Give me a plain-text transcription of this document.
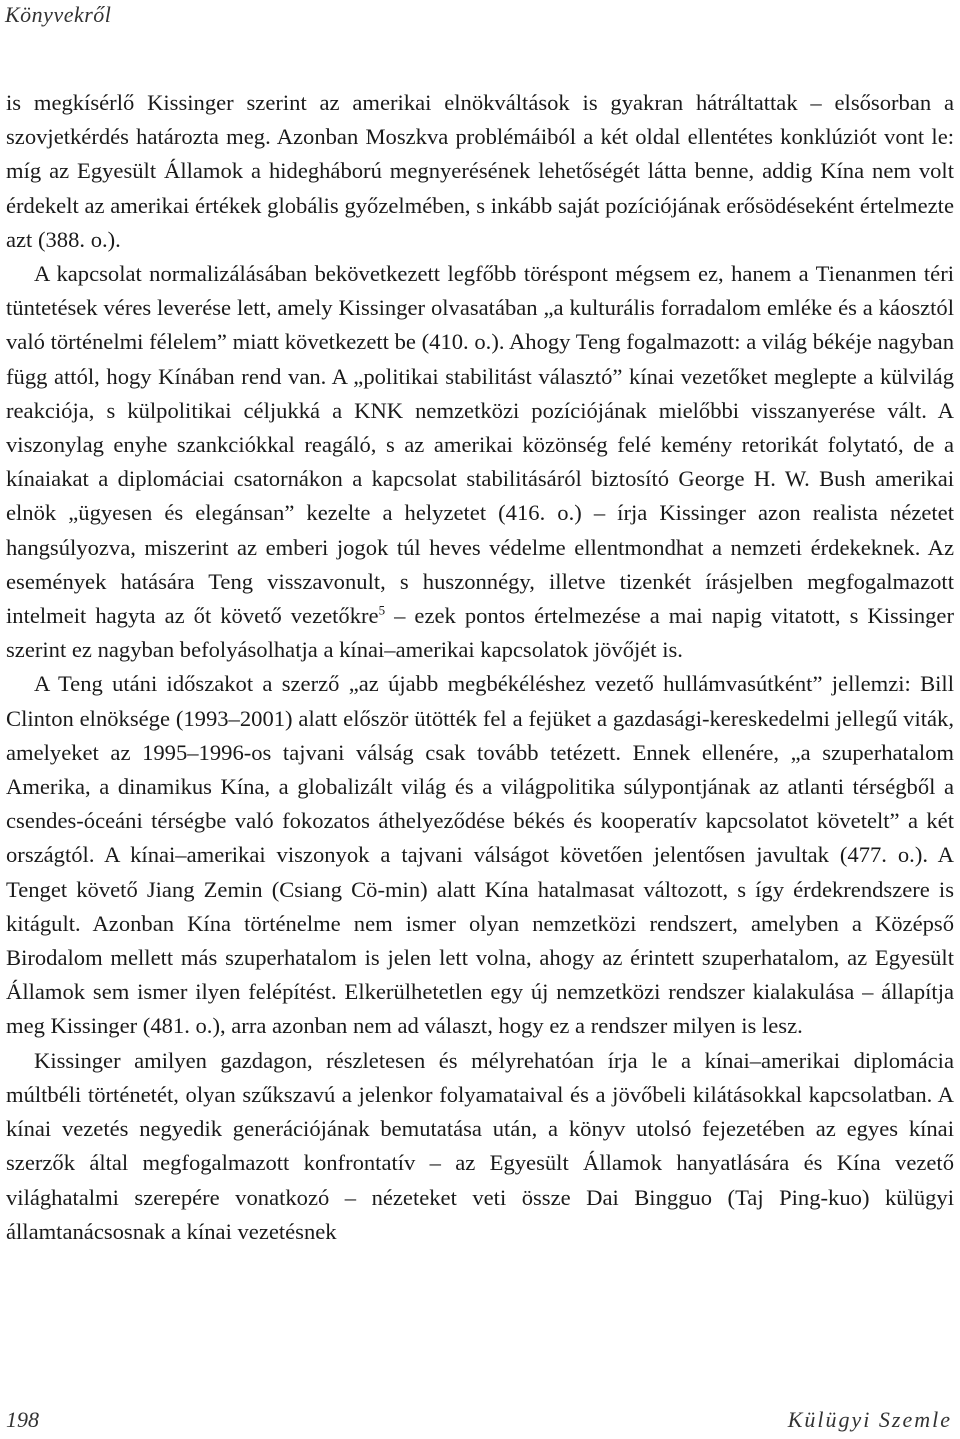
Könyvekről

is megkísérlő Kissinger szerint az amerikai elnökváltások is gyakran hátráltattak – elsősorban a szovjetkérdés határozta meg. Azonban Moszkva problémáiból a két oldal ellentétes konklúziót vont le: míg az Egyesült Államok a hidegháború megnyerésének lehetőségét látta benne, addig Kína nem volt érdekelt az amerikai értékek globális győzelmében, s inkább saját pozíciójának erősödéseként értelmezte azt (388. o.).

A kapcsolat normalizálásában bekövetkezett legfőbb töréspont mégsem ez, hanem a Tienanmen téri tüntetések véres leverése lett, amely Kissinger olvasatában „a kulturális forradalom emléke és a káosztól való történelmi félelem” miatt következett be (410. o.). Ahogy Teng fogalmazott: a világ békéje nagyban függ attól, hogy Kínában rend van. A „politikai stabilitást választó” kínai vezetőket meglepte a külvilág reakciója, s külpolitikai céljukká a KNK nemzetközi pozíciójának mielőbbi visszanyerése vált. A viszonylag enyhe szankciókkal reagáló, s az amerikai közönség felé kemény retorikát folytató, de a kínaiakat a diplomáciai csatornákon a kapcsolat stabilitásáról biztosító George H. W. Bush amerikai elnök „ügyesen és elegánsan” kezelte a helyzetet (416. o.) – írja Kissinger azon realista nézetet hangsúlyozva, miszerint az emberi jogok túl heves védelme ellentmondhat a nemzeti érdekeknek. Az események hatására Teng visszavonult, s huszonnégy, illetve tizenkét írásjelben megfogalmazott intelmeit hagyta az őt követő vezetőkre$^5$ – ezek pontos értelmezése a mai napig vitatott, s Kissinger szerint ez nagyban befolyásolhatja a kínai–amerikai kapcsolatok jövőjét is.

A Teng utáni időszakot a szerző „az újabb megbékéléshez vezető hullámvasútként” jellemzi: Bill Clinton elnöksége (1993–2001) alatt először ütötték fel a fejüket a gazdasági-kereskedelmi jellegű viták, amelyeket az 1995–1996-os tajvani válság csak tovább tetézett. Ennek ellenére, „a szuperhatalom Amerika, a dinamikus Kína, a globalizált világ és a világpolitika súlypontjának az atlanti térségből a csendes-óceáni térségbe való fokozatos áthelyeződése békés és kooperatív kapcsolatot követelt” a két országtól. A kínai–amerikai viszonyok a tajvani válságot követően jelentősen javultak (477. o.). A Tenget követő Jiang Zemin (Csiang Cö-min) alatt Kína hatalmasat változott, s így érdekrendszere is kitágult. Azonban Kína történelme nem ismer olyan nemzetközi rendszert, amelyben a Középső Birodalom mellett más szuperhatalom is jelen lett volna, ahogy az érintett szuperhatalom, az Egyesült Államok sem ismer ilyen felépítést. Elkerülhetetlen egy új nemzetközi rendszer kialakulása – állapítja meg Kissinger (481. o.), arra azonban nem ad választ, hogy ez a rendszer milyen is lesz.

Kissinger amilyen gazdagon, részletesen és mélyrehatóan írja le a kínai–amerikai diplomácia múltbéli történetét, olyan szűkszavú a jelenkor folyamataival és a jövőbeli kilátásokkal kapcsolatban. A kínai vezetés negyedik generációjának bemutatása után, a könyv utolsó fejezetében az egyes kínai szerzők által megfogalmazott konfrontatív – az Egyesült Államok hanyatlására és Kína vezető világhatalmi szerepére vonatkozó – nézeteket veti össze Dai Bingguo (Taj Ping-kuo) külügyi államtanácsosnak a kínai vezetésnek

198	Külügyi Szemle
